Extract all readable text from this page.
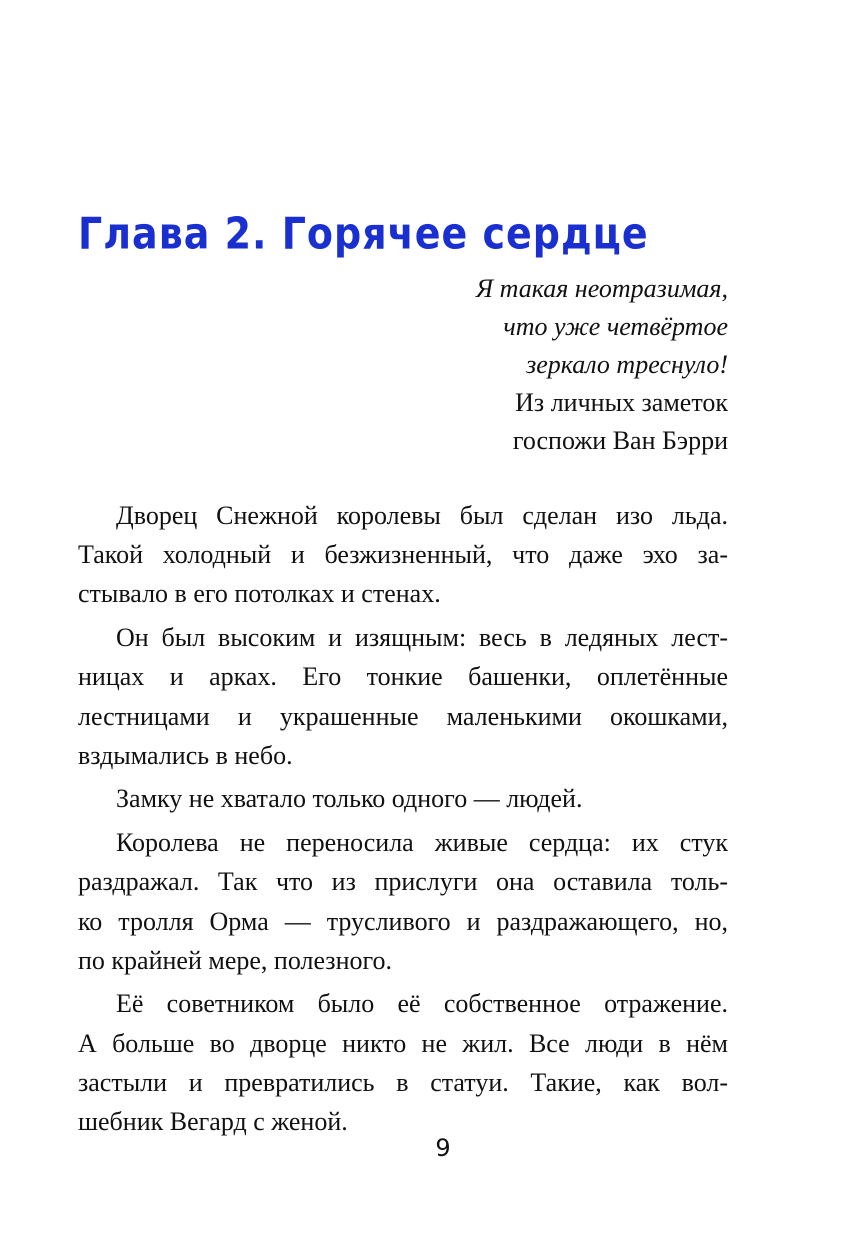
Глава 2. Горячее сердце
Я такая неотразимая,
что уже четвёртое
зеркало треснуло!
Из личных заметок
госпожи Ван Бэрри
Дворец Снежной королевы был сделан изо льда.
Такой холодный и безжизненный, что даже эхо за-
стывало в его потолках и стенах.
Он был высоким и изящным: весь в ледяных лест-
ницах и арках. Его тонкие башенки, оплетённые
лестницами и украшенные маленькими окошками,
вздымались в небо.
Замку не хватало только одного — людей.
Королева не переносила живые сердца: их стук
раздражал. Так что из прислуги она оставила толь-
ко тролля Орма — трусливого и раздражающего, но,
по крайней мере, полезного.
Её советником было её собственное отражение.
А больше во дворце никто не жил. Все люди в нём
застыли и превратились в статуи. Такие, как вол-
шебник Вегард с женой.
9
